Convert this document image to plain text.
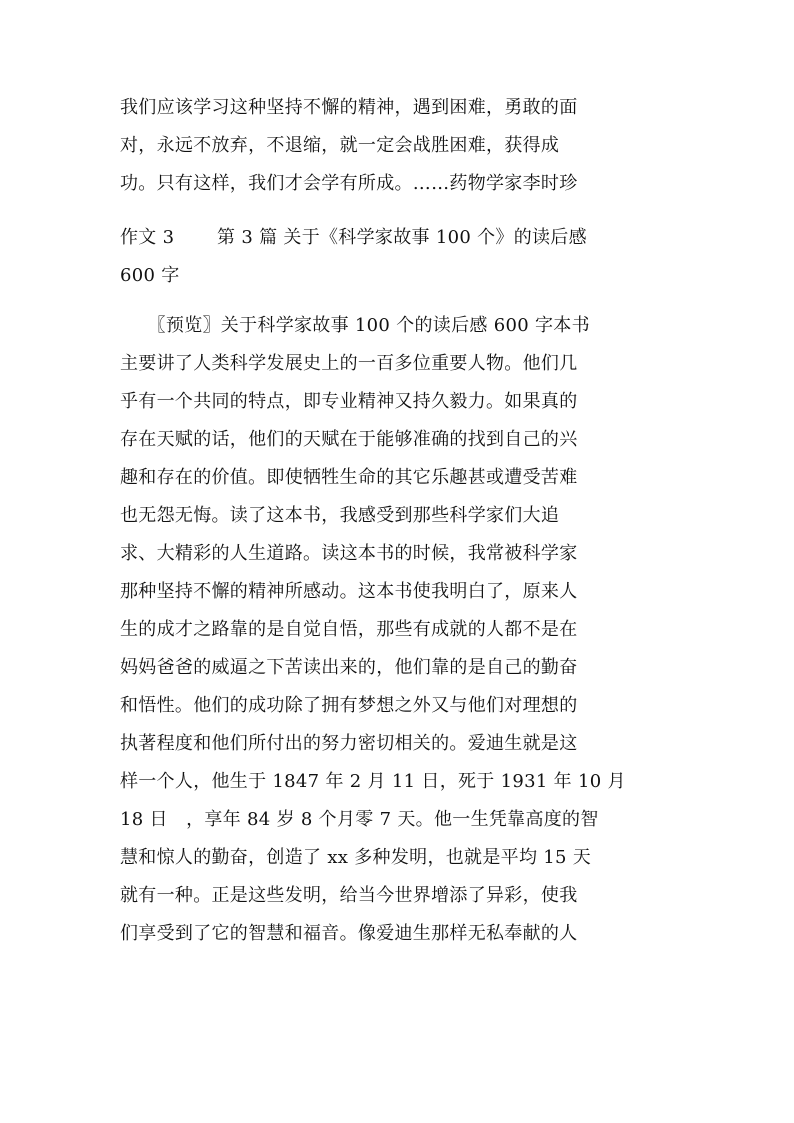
我们应该学习这种坚持不懈的精神，遇到困难，勇敢的面
对，永远不放弃，不退缩，就一定会战胜困难，获得成
功。只有这样，我们才会学有所成。……药物学家李时珍
作文 3　　 第 3 篇 关于《科学家故事 100 个》的读后感
600 字
　　〖预览〗关于科学家故事 100 个的读后感 600 字本书
主要讲了人类科学发展史上的一百多位重要人物。他们几
乎有一个共同的特点，即专业精神又持久毅力。如果真的
存在天赋的话，他们的天赋在于能够准确的找到自己的兴
趣和存在的价值。即使牺牲生命的其它乐趣甚或遭受苦难
也无怨无悔。读了这本书，我感受到那些科学家们大追
求、大精彩的人生道路。读这本书的时候，我常被科学家
那种坚持不懈的精神所感动。这本书使我明白了，原来人
生的成才之路靠的是自觉自悟，那些有成就的人都不是在
妈妈爸爸的威逼之下苦读出来的，他们靠的是自己的勤奋
和悟性。他们的成功除了拥有梦想之外又与他们对理想的
执著程度和他们所付出的努力密切相关的。爱迪生就是这
样一个人，他生于 1847 年 2 月 11 日，死于 1931 年 10 月
18 日　，享年 84 岁 8 个月零 7 天。他一生凭靠高度的智
慧和惊人的勤奋，创造了 xx 多种发明，也就是平均 15 天
就有一种。正是这些发明，给当今世界增添了异彩，使我
们享受到了它的智慧和福音。像爱迪生那样无私奉献的人
